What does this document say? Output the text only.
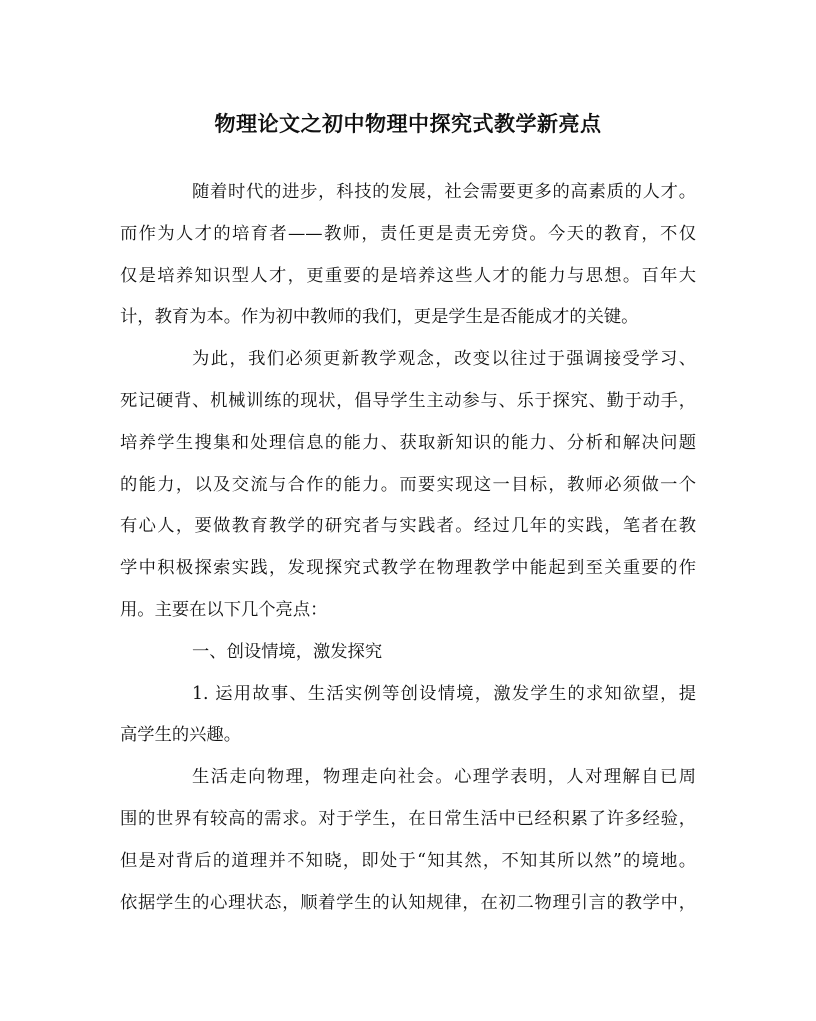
物理论文之初中物理中探究式教学新亮点
随着时代的进步，科技的发展，社会需要更多的高素质的人才。
而作为人才的培育者——教师，责任更是责无旁贷。今天的教育，不仅
仅是培养知识型人才，更重要的是培养这些人才的能力与思想。百年大
计，教育为本。作为初中教师的我们，更是学生是否能成才的关键。
为此，我们必须更新教学观念，改变以往过于强调接受学习、
死记硬背、机械训练的现状，倡导学生主动参与、乐于探究、勤于动手，
培养学生搜集和处理信息的能力、获取新知识的能力、分析和解决问题
的能力，以及交流与合作的能力。而要实现这一目标，教师必须做一个
有心人，要做教育教学的研究者与实践者。经过几年的实践，笔者在教
学中积极探索实践，发现探究式教学在物理教学中能起到至关重要的作
用。主要在以下几个亮点：
一、创设情境，激发探究
1. 运用故事、生活实例等创设情境，激发学生的求知欲望，提
高学生的兴趣。
生活走向物理，物理走向社会。心理学表明，人对理解自已周
围的世界有较高的需求。对于学生，在日常生活中已经积累了许多经验，
但是对背后的道理并不知晓，即处于“知其然，不知其所以然”的境地。
依据学生的心理状态，顺着学生的认知规律，在初二物理引言的教学中，
